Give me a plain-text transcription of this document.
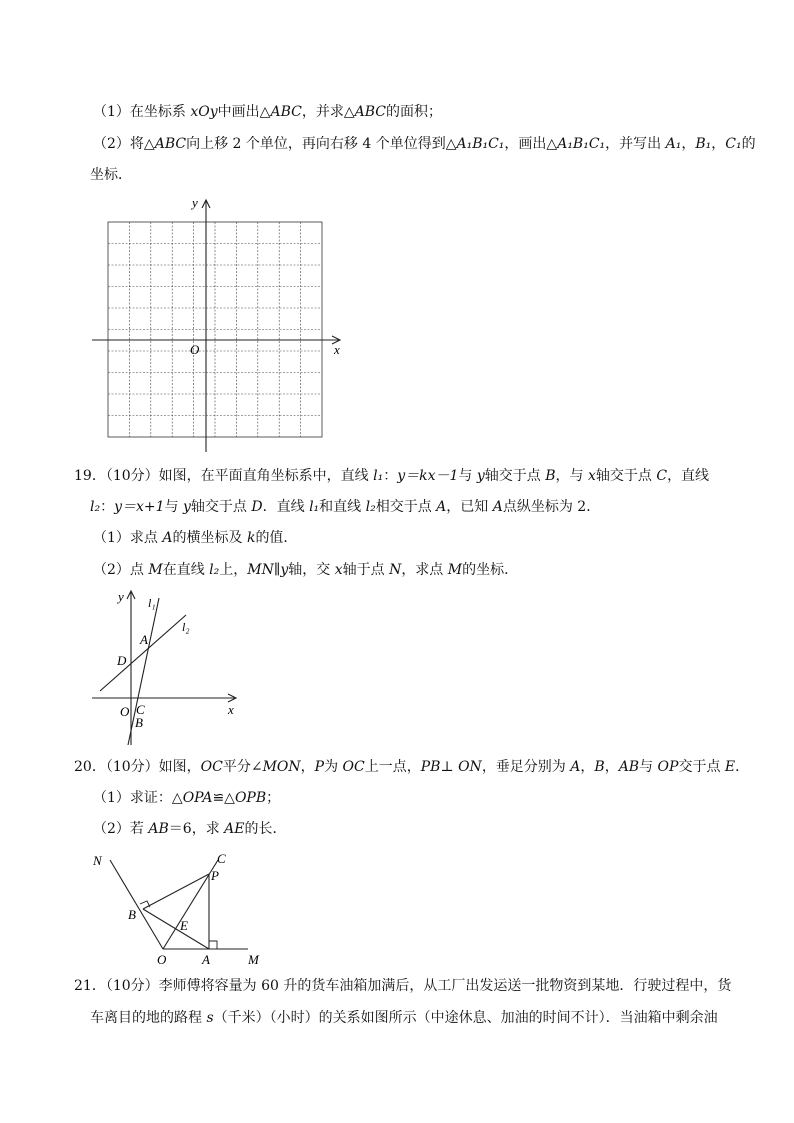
（1）在坐标系 xOy中画出△ABC，并求△ABC的面积；
（2）将△ABC向上移 2 个单位，再向右移 4 个单位得到△A₁B₁C₁，画出△A₁B₁C₁，并写出 A₁，B₁，C₁的
坐标．
O	x
y
19．（10分）如图，在平面直角坐标系中，直线 l₁：y＝kx－1与 y轴交于点 B，与 x轴交于点 C，直线
l₂：y＝x+1与 y轴交于点 D．直线 l₁和直线 l₂相交于点 A，已知 A点纵坐标为 2．
（1）求点 A的横坐标及 k的值．
（2）点 M在直线 l₂上，MN∥y轴，交 x轴于点 N，求点 M的坐标．
y
x
l₁
l₂
A
D
O C
B
20．（10分）如图，OC平分∠MON，P为 OC上一点，PB⊥ ON，垂足分别为 A，B，AB与 OP交于点 E．
（1）求证：△OPA≌△OPB；
（2）若 AB＝6，求 AE的长．
N	C
P
B
E
O	A	M
21．（10分）李师傅将容量为 60 升的货车油箱加满后，从工厂出发运送一批物资到某地．行驶过程中，货
车离目的地的路程 s（千米）（小时）的关系如图所示（中途休息、加油的时间不计）．当油箱中剩余油
